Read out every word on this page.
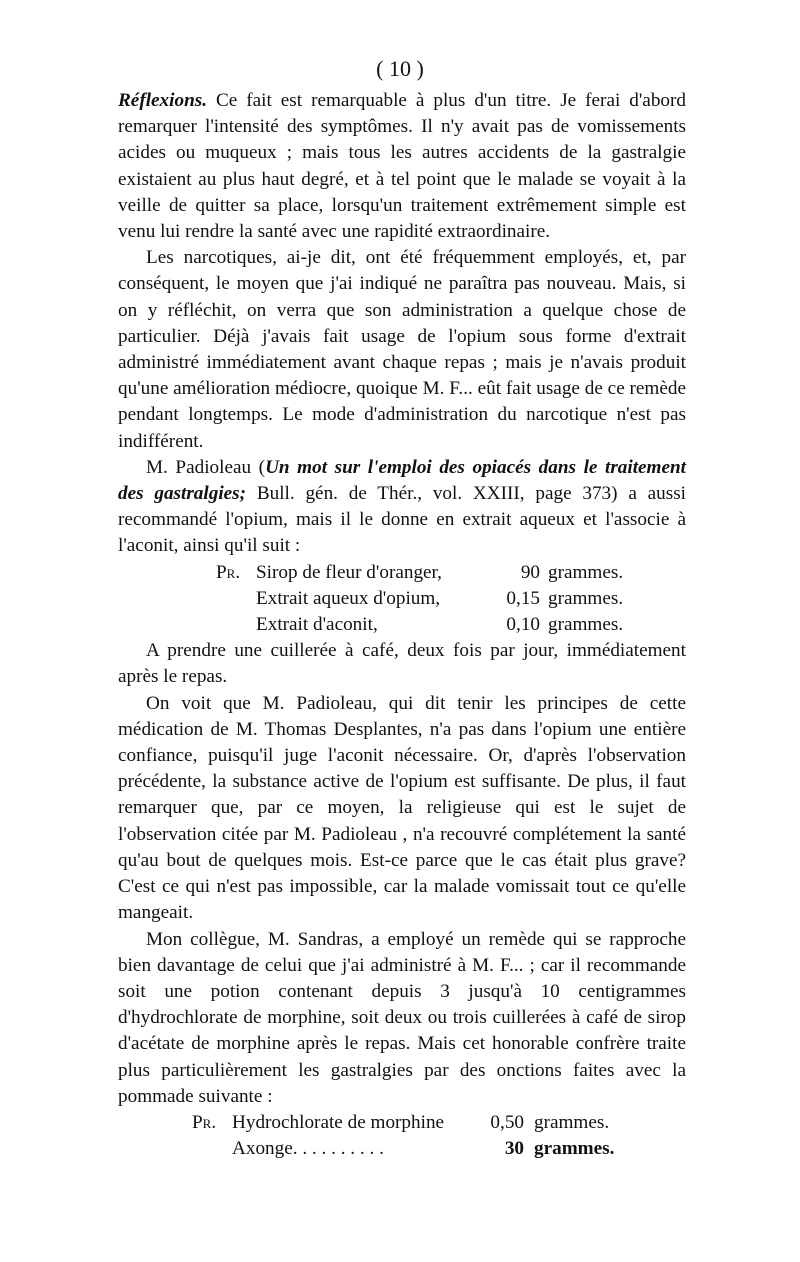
( 10 )

Réflexions. Ce fait est remarquable à plus d'un titre. Je ferai d'abord remarquer l'intensité des symptômes. Il n'y avait pas de vomissements acides ou muqueux ; mais tous les autres accidents de la gastralgie existaient au plus haut degré, et à tel point que le malade se voyait à la veille de quitter sa place, lorsqu'un traitement extrêmement simple est venu lui rendre la santé avec une rapidité extraordinaire.

Les narcotiques, ai-je dit, ont été fréquemment employés, et, par conséquent, le moyen que j'ai indiqué ne paraîtra pas nouveau. Mais, si on y réfléchit, on verra que son administration a quelque chose de particulier. Déjà j'avais fait usage de l'opium sous forme d'extrait administré immédiatement avant chaque repas ; mais je n'avais produit qu'une amélioration médiocre, quoique M. F... eût fait usage de ce remède pendant longtemps. Le mode d'administration du narcotique n'est pas indifférent.

M. Padioleau (Un mot sur l'emploi des opiacés dans le traitement des gastralgies; Bull. gén. de Thér., vol. XXIII, page 373) a aussi recommandé l'opium, mais il le donne en extrait aqueux et l'associe à l'aconit, ainsi qu'il suit :

Pr.	Sirop de fleur d'oranger,	90	grammes.
	Extrait aqueux d'opium,	0,15	grammes.
	Extrait d'aconit,	0,10	grammes.

A prendre une cuillerée à café, deux fois par jour, immédiatement après le repas.

On voit que M. Padioleau, qui dit tenir les principes de cette médication de M. Thomas Desplantes, n'a pas dans l'opium une entière confiance, puisqu'il juge l'aconit nécessaire. Or, d'après l'observation précédente, la substance active de l'opium est suffisante. De plus, il faut remarquer que, par ce moyen, la religieuse qui est le sujet de l'observation citée par M. Padioleau , n'a recouvré complétement la santé qu'au bout de quelques mois. Est-ce parce que le cas était plus grave? C'est ce qui n'est pas impossible, car la malade vomissait tout ce qu'elle mangeait.

Mon collègue, M. Sandras, a employé un remède qui se rapproche bien davantage de celui que j'ai administré à M. F... ; car il recommande soit une potion contenant depuis 3 jusqu'à 10 centigrammes d'hydrochlorate de morphine, soit deux ou trois cuillerées à café de sirop d'acétate de morphine après le repas. Mais cet honorable confrère traite plus particulièrement les gastralgies par des onctions faites avec la pommade suivante :

Pr.	Hydrochlorate de morphine	0,50	grammes.
	Axonge. . . . . . . . . .	30	grammes.
